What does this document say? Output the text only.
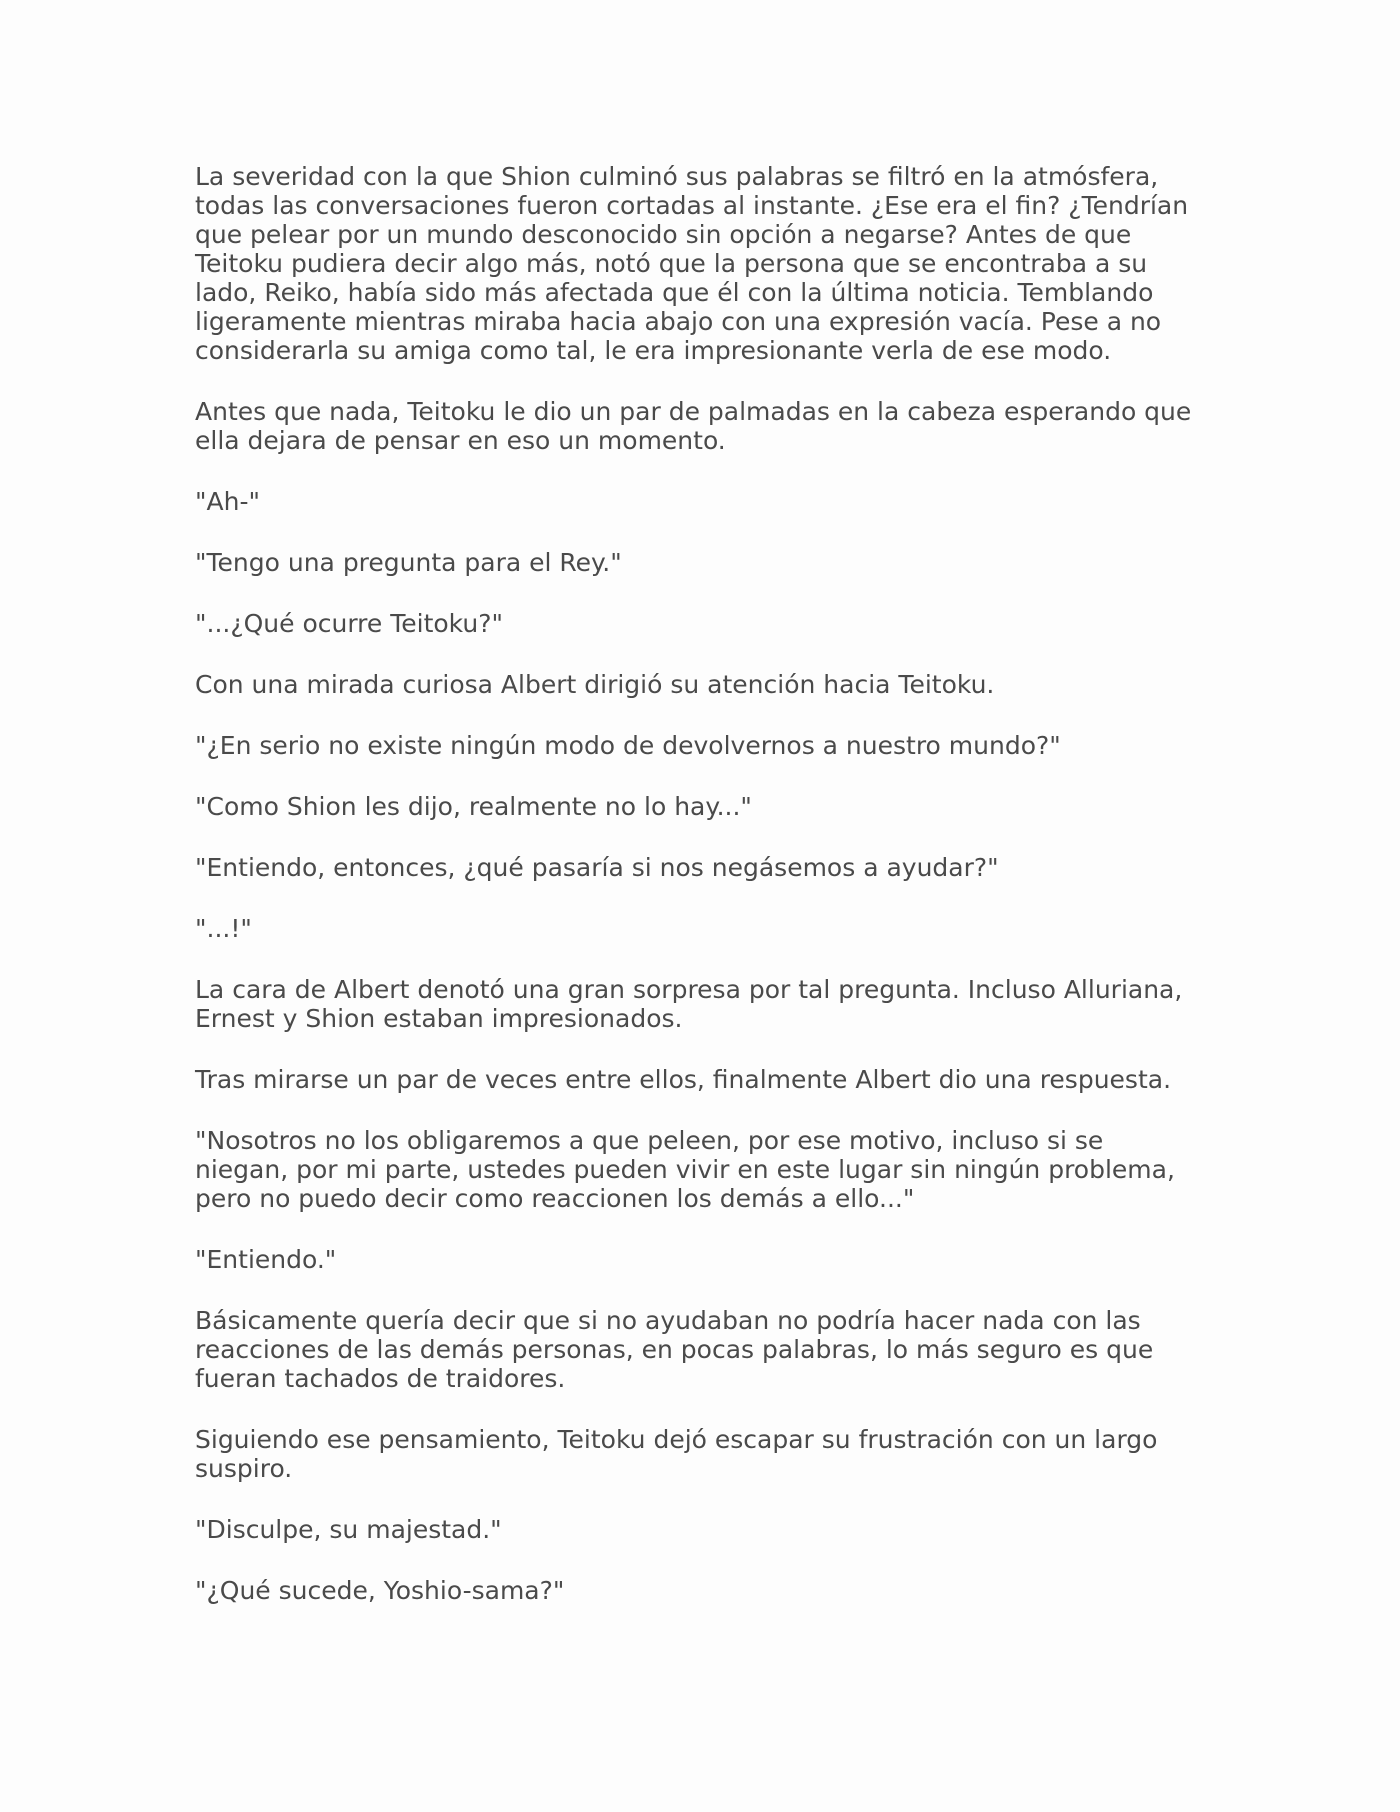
La severidad con la que Shion culminó sus palabras se filtró en la atmósfera,
todas las conversaciones fueron cortadas al instante. ¿Ese era el fin? ¿Tendrían
que pelear por un mundo desconocido sin opción a negarse? Antes de que
Teitoku pudiera decir algo más, notó que la persona que se encontraba a su
lado, Reiko, había sido más afectada que él con la última noticia. Temblando
ligeramente mientras miraba hacia abajo con una expresión vacía. Pese a no
considerarla su amiga como tal, le era impresionante verla de ese modo.

Antes que nada, Teitoku le dio un par de palmadas en la cabeza esperando que
ella dejara de pensar en eso un momento.

"Ah-"

"Tengo una pregunta para el Rey."

"...¿Qué ocurre Teitoku?"

Con una mirada curiosa Albert dirigió su atención hacia Teitoku.

"¿En serio no existe ningún modo de devolvernos a nuestro mundo?"

"Como Shion les dijo, realmente no lo hay..."

"Entiendo, entonces, ¿qué pasaría si nos negásemos a ayudar?"

"...!"

La cara de Albert denotó una gran sorpresa por tal pregunta. Incluso Alluriana,
Ernest y Shion estaban impresionados.

Tras mirarse un par de veces entre ellos, finalmente Albert dio una respuesta.

"Nosotros no los obligaremos a que peleen, por ese motivo, incluso si se
niegan, por mi parte, ustedes pueden vivir en este lugar sin ningún problema,
pero no puedo decir como reaccionen los demás a ello..."

"Entiendo."

Básicamente quería decir que si no ayudaban no podría hacer nada con las
reacciones de las demás personas, en pocas palabras, lo más seguro es que
fueran tachados de traidores.

Siguiendo ese pensamiento, Teitoku dejó escapar su frustración con un largo
suspiro.

"Disculpe, su majestad."

"¿Qué sucede, Yoshio-sama?"
